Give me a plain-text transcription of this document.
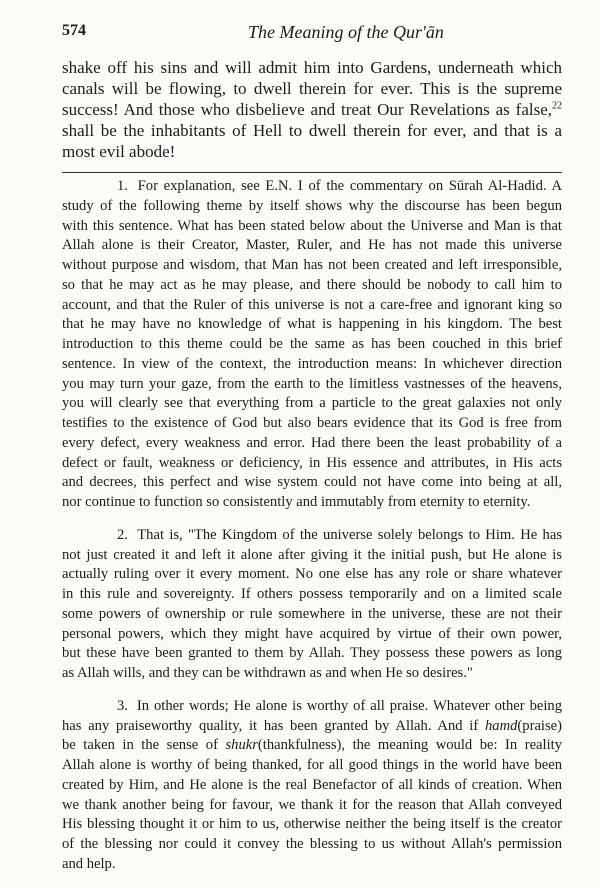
574	The Meaning of the Qur'ān
shake off his sins and will admit him into Gardens, underneath which
canals will be flowing, to dwell therein for ever. This is the supreme
success! And those who disbelieve and treat Our Revelations as false,$^{22}$
shall be the inhabitants of Hell to dwell therein for ever, and that is a
most evil abode!
1. For explanation, see E.N. I of the commentary on Sūrah Al-Hadid. A
study of the following theme by itself shows why the discourse has been begun
with this sentence. What has been stated below about the Universe and Man is that
Allah alone is their Creator, Master, Ruler, and He has not made this universe
without purpose and wisdom, that Man has not been created and left irresponsible,
so that he may act as he may please, and there should be nobody to call him to
account, and that the Ruler of this universe is not a care-free and ignorant king so
that he may have no knowledge of what is happening in his kingdom. The best
introduction to this theme could be the same as has been couched in this brief
sentence. In view of the context, the introduction means: In whichever direction
you may turn your gaze, from the earth to the limitless vastnesses of the heavens,
you will clearly see that everything from a particle to the great galaxies not only
testifies to the existence of God but also bears evidence that its God is free from
every defect, every weakness and error. Had there been the least probability of a
defect or fault, weakness or deficiency, in His essence and attributes, in His acts
and decrees, this perfect and wise system could not have come into being at all,
nor continue to function so consistently and immutably from eternity to eternity.
2. That is, "The Kingdom of the universe solely belongs to Him. He has
not just created it and left it alone after giving it the initial push, but He alone is
actually ruling over it every moment. No one else has any role or share whatever
in this rule and sovereignty. If others possess temporarily and on a limited scale
some powers of ownership or rule somewhere in the universe, these are not their
personal powers, which they might have acquired by virtue of their own power,
but these have been granted to them by Allah. They possess these powers as long
as Allah wills, and they can be withdrawn as and when He so desires."
3. In other words; He alone is worthy of all praise. Whatever other being
has any praiseworthy quality, it has been granted by Allah. And if hamd(praise)
be taken in the sense of shukr(thankfulness), the meaning would be: In reality
Allah alone is worthy of being thanked, for all good things in the world have been
created by Him, and He alone is the real Benefactor of all kinds of creation. When
we thank another being for favour, we thank it for the reason that Allah conveyed
His blessing thought it or him to us, otherwise neither the being itself is the creator
of the blessing nor could it convey the blessing to us without Allah's permission
and help.
